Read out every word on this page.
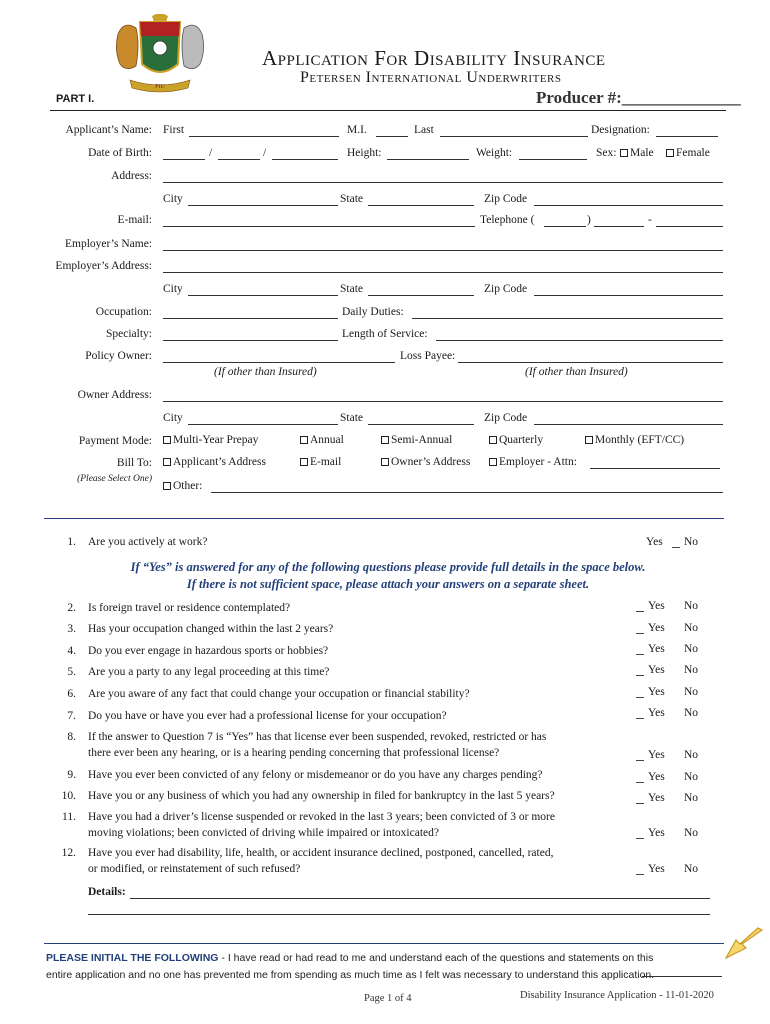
PIU
Application For Disability Insurance
Petersen International Underwriters
PART I.	Producer #:______________
Applicant’s Name: First	M.I.	Last	Designation:
Date of Birth:	/	/	Height:	Weight:	Sex:	Male	Female
Address:
City	State	Zip Code
E-mail:	Telephone (	)	-
Employer’s Name:
Employer’s Address:
City	State	Zip Code
Occupation:	Daily Duties:
Specialty:	Length of Service:
Policy Owner:	Loss Payee:
(If other than Insured)	(If other than Insured)
Owner Address:
City	State	Zip Code
Payment Mode:	Multi-Year Prepay	Annual	Semi-Annual	Quarterly	Monthly (EFT/CC)
Bill To:	Applicant’s Address	E-mail	Owner’s Address	Employer - Attn:
(Please Select One)
Other:
1. Are you actively at work?	Yes No
2. Is foreign travel or residence contemplated?	Yes No
3. Has your occupation changed within the last 2 years?	Yes No
4. Do you ever engage in hazardous sports or hobbies?	Yes No
5. Are you a party to any legal proceeding at this time?	Yes No
6. Are you aware of any fact that could change your occupation or financial stability?	Yes No
7. Do you have or have you ever had a professional license for your occupation?	Yes No
8. If the answer to Question 7 is “Yes” has that license ever been suspended, revoked, restricted or has
there ever been any hearing, or is a hearing pending concerning that professional license?	Yes No
9. Have you ever been convicted of any felony or misdemeanor or do you have any charges pending?	Yes No
10. Have you or any business of which you had any ownership in filed for bankruptcy in the last 5 years?	Yes No
11. Have you had a driver’s license suspended or revoked in the last 3 years; been convicted of 3 or more
moving violations; been convicted of driving while impaired or intoxicated?	Yes No
12. Have you ever had disability, life, health, or accident insurance declined, postponed, cancelled, rated,
or modified, or reinstatement of such refused?	Yes No
If “Yes” is answered for any of the following questions please provide full details in the space below.
If there is not sufficient space, please attach your answers on a separate sheet.
Details:
PLEASE INITIAL THE FOLLOWING - I have read or had read to me and understand each of the questions and statements on this
entire application and no one has prevented me from spending as much time as I felt was necessary to understand this application.
Page 1 of 4	Disability Insurance Application - 11-01-2020
